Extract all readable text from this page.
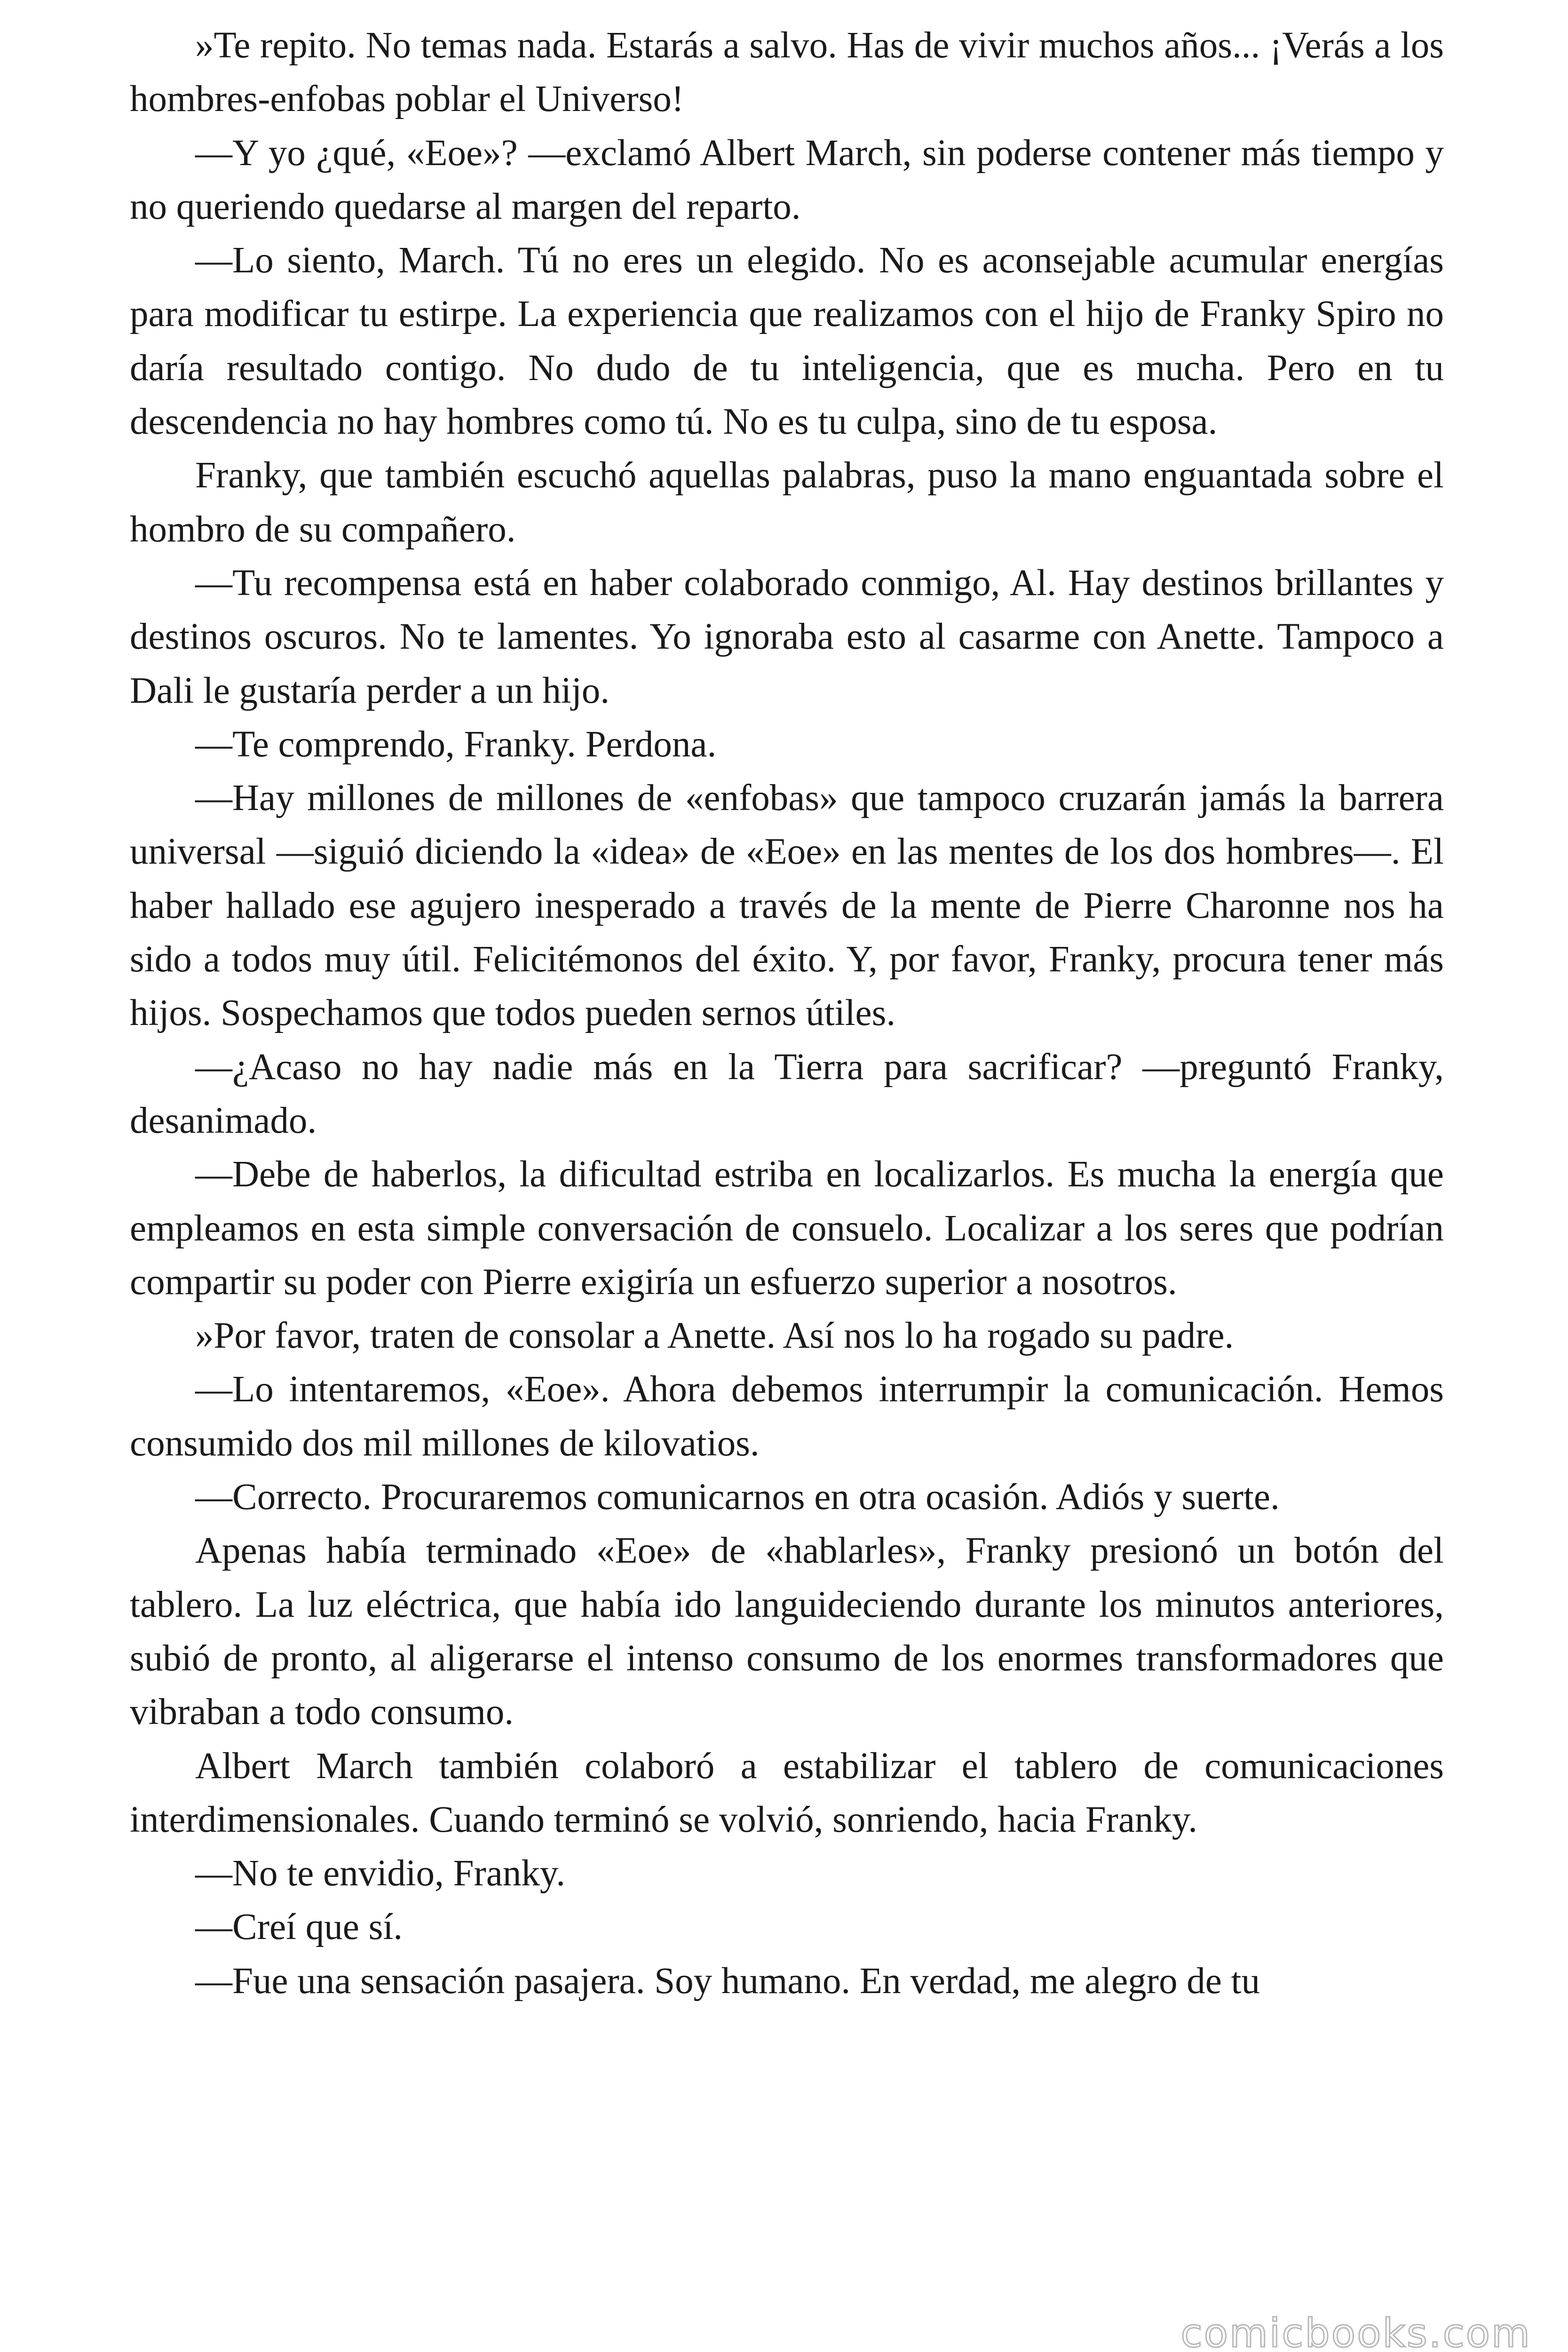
»Te repito. No temas nada. Estarás a salvo. Has de vivir muchos años... ¡Verás a los hombres-enfobas poblar el Universo!

—Y yo ¿qué, «Eoe»? —exclamó Albert March, sin poderse contener más tiempo y no queriendo quedarse al margen del reparto.

—Lo siento, March. Tú no eres un elegido. No es aconsejable acumular energías para modificar tu estirpe. La experiencia que realizamos con el hijo de Franky Spiro no daría resultado contigo. No dudo de tu inteligencia, que es mucha. Pero en tu descendencia no hay hombres como tú. No es tu culpa, sino de tu esposa.

Franky, que también escuchó aquellas palabras, puso la mano enguantada sobre el hombro de su compañero.

—Tu recompensa está en haber colaborado conmigo, Al. Hay destinos brillantes y destinos oscuros. No te lamentes. Yo ignoraba esto al casarme con Anette. Tampoco a Dali le gustaría perder a un hijo.

—Te comprendo, Franky. Perdona.

—Hay millones de millones de «enfobas» que tampoco cruzarán jamás la barrera universal —siguió diciendo la «idea» de «Eoe» en las mentes de los dos hombres—. El haber hallado ese agujero inesperado a través de la mente de Pierre Charonne nos ha sido a todos muy útil. Felicitémonos del éxito. Y, por favor, Franky, procura tener más hijos. Sospechamos que todos pueden sernos útiles.

—¿Acaso no hay nadie más en la Tierra para sacrificar? —preguntó Franky, desanimado.

—Debe de haberlos, la dificultad estriba en localizarlos. Es mucha la energía que empleamos en esta simple conversación de consuelo. Localizar a los seres que podrían compartir su poder con Pierre exigiría un esfuerzo superior a nosotros.

»Por favor, traten de consolar a Anette. Así nos lo ha rogado su padre.

—Lo intentaremos, «Eoe». Ahora debemos interrumpir la comunicación. Hemos consumido dos mil millones de kilovatios.

—Correcto. Procuraremos comunicarnos en otra ocasión. Adiós y suerte.

Apenas había terminado «Eoe» de «hablarles», Franky presionó un botón del tablero. La luz eléctrica, que había ido languideciendo durante los minutos anteriores, subió de pronto, al aligerarse el intenso consumo de los enormes transformadores que vibraban a todo consumo.

Albert March también colaboró a estabilizar el tablero de comunicaciones interdimensionales. Cuando terminó se volvió, sonriendo, hacia Franky.

—No te envidio, Franky.

—Creí que sí.

—Fue una sensación pasajera. Soy humano. En verdad, me alegro de tu

comicbooks.com
